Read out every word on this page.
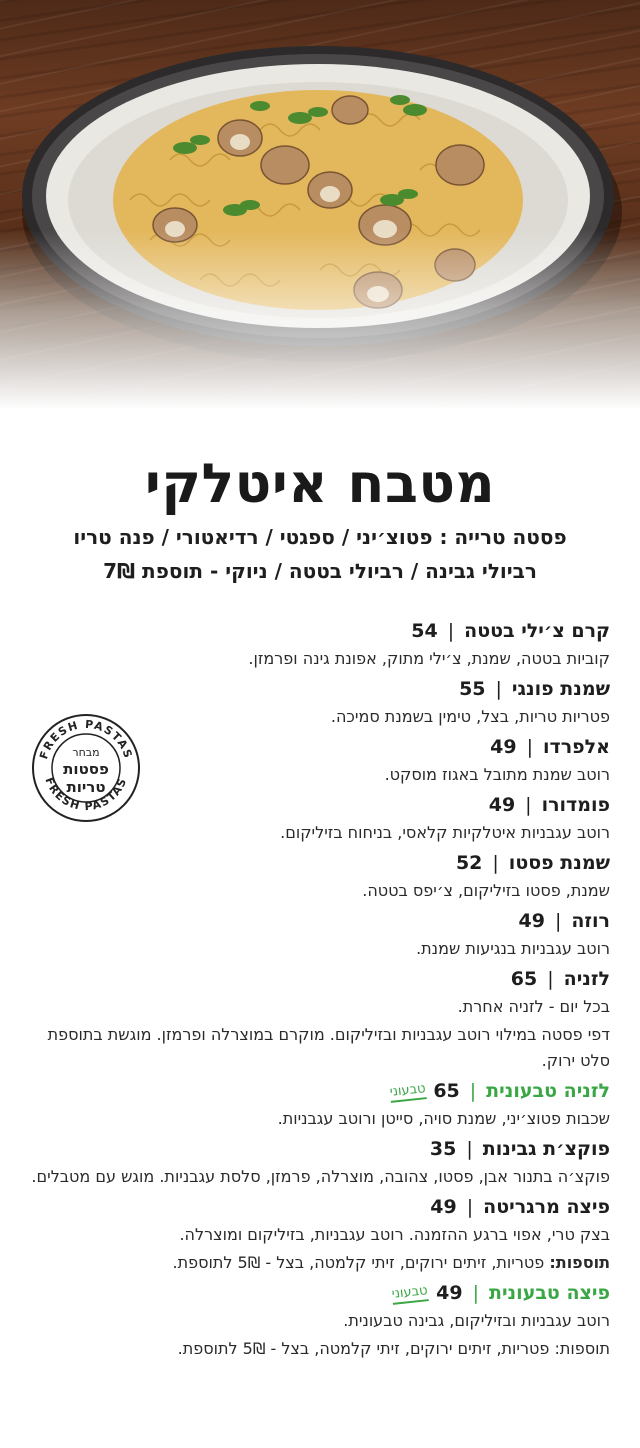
מטבח איטלקי
פסטה טרייה : פטוצ׳יני / ספגטי / רדיאטורי / פנה טריו
רביולי גבינה / רביולי בטטה / ניוקי - תוספת 7₪
FRESH PASTAS
FRESH PASTAS
מבחר
פסטות
טריות
קרם צ׳ילי בטטה|54
קוביות בטטה, שמנת, צ׳ילי מתוק, אפונת גינה ופרמזן.
שמנת פונגי|55
פטריות טריות, בצל, טימין בשמנת סמיכה.
אלפרדו|49
רוטב שמנת מתובל באגוז מוסקט.
פומדורו|49
רוטב עגבניות איטלקיות קלאסי, בניחוח בזיליקום.
שמנת פסטו|52
שמנת, פסטו בזיליקום, צ׳יפס בטטה.
רוזה|49
רוטב עגבניות בנגיעות שמנת.
לזניה|65
בכל יום - לזניה אחרת.
דפי פסטה במילוי רוטב עגבניות ובזיליקום. מוקרם במוצרלה ופרמזן. מוגשת בתוספת סלט ירוק.
לזניה טבעונית|65טבעוני
שכבות פטוצ׳יני, שמנת סויה, סייטן ורוטב עגבניות.
פוקצ׳ת גבינות|35
פוקצ׳ה בתנור אבן, פסטו, צהובה, מוצרלה, פרמזן, סלסת עגבניות. מוגש עם מטבלים.
פיצה מרגריטה|49
בצק טרי, אפוי ברגע ההזמנה. רוטב עגבניות, בזיליקום ומוצרלה.
תוספות: פטריות, זיתים ירוקים, זיתי קלמטה, בצל - 5₪ לתוספת.
פיצה טבעונית|49טבעוני
רוטב עגבניות ובזיליקום, גבינה טבעונית.
תוספות: פטריות, זיתים ירוקים, זיתי קלמטה, בצל - 5₪ לתוספת.
